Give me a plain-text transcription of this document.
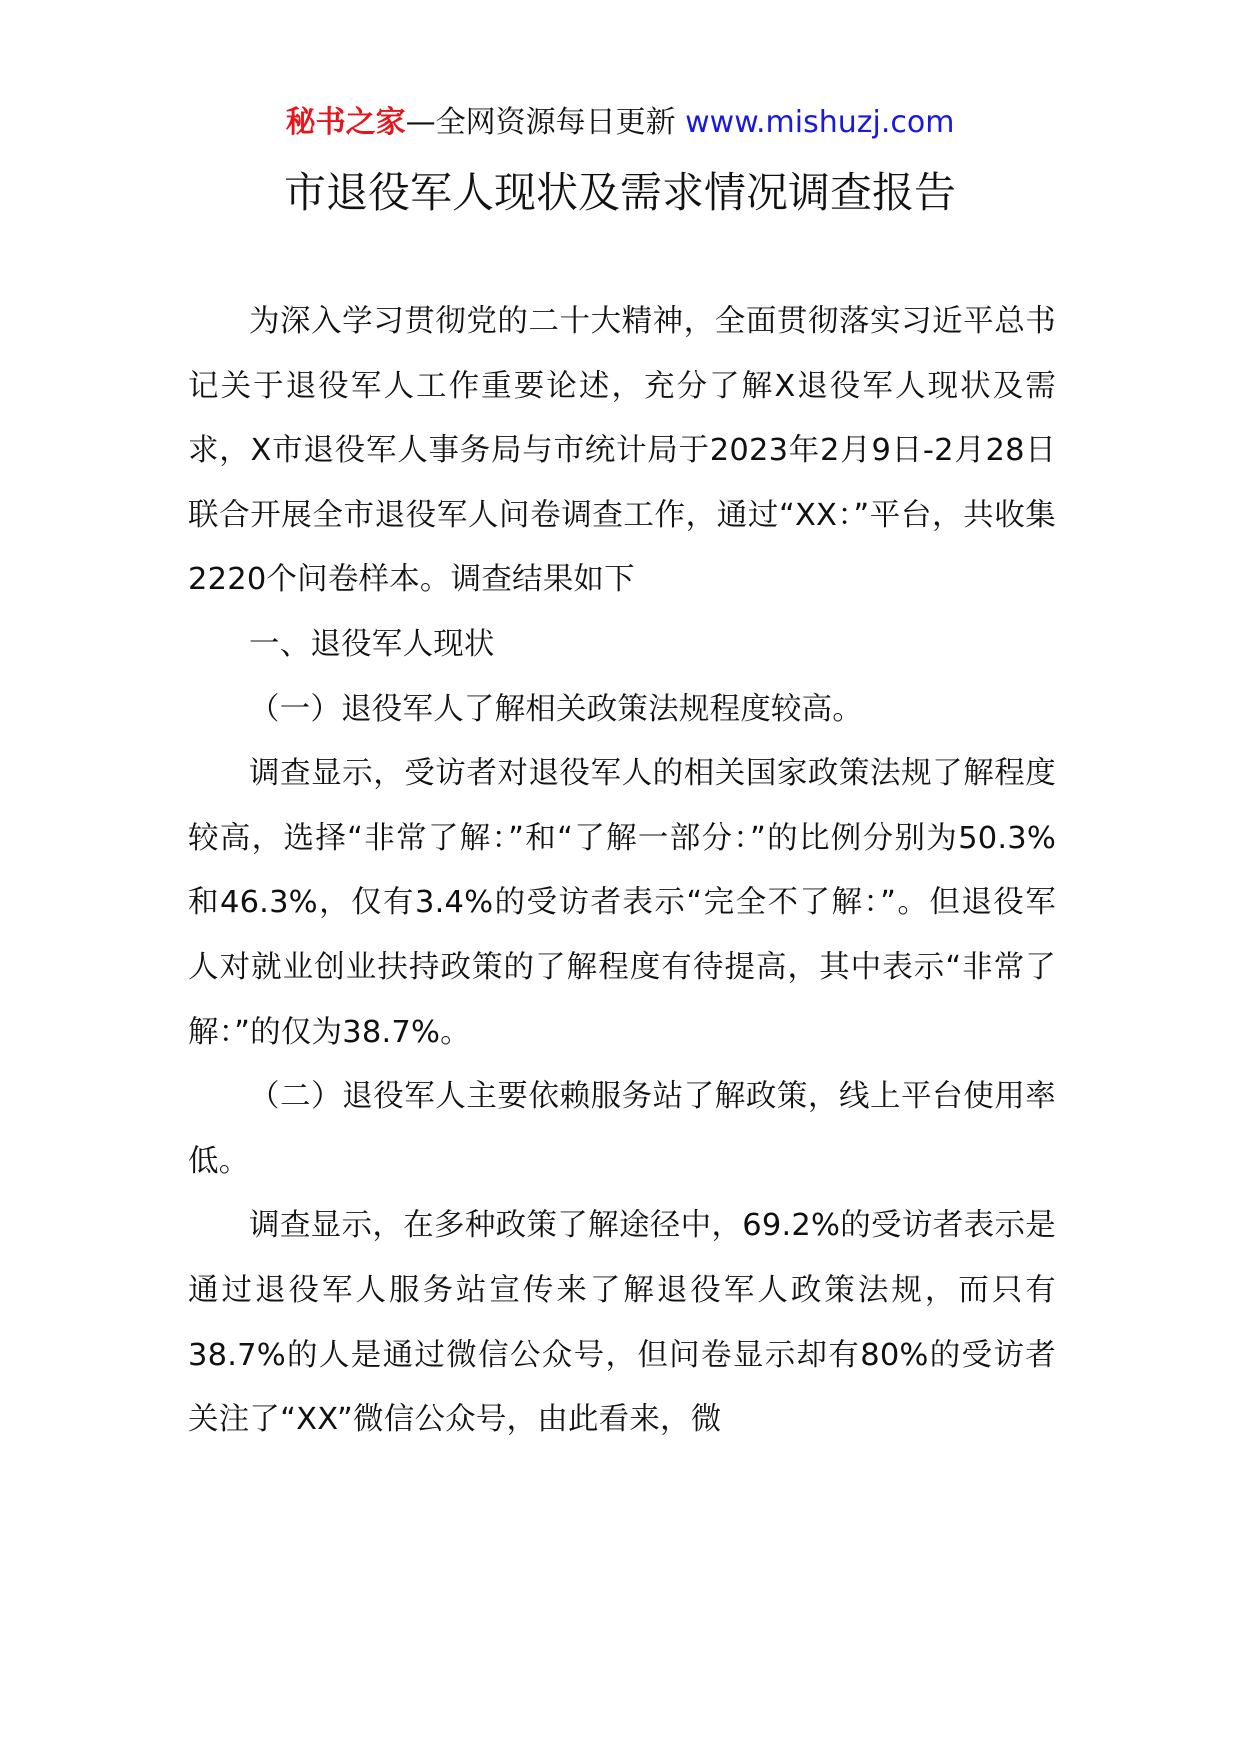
秘书之家—全网资源每日更新 www.mishuzj.com
市退役军人现状及需求情况调查报告

为深入学习贯彻党的二十大精神，全面贯彻落实习近平总书记关于退役军人工作重要论述，充分了解X退役军人现状及需求，X市退役军人事务局与市统计局于2023年2月9日-2月28日联合开展全市退役军人问卷调查工作，通过“XX：”平台，共收集2220个问卷样本。调查结果如下

一、退役军人现状

（一）退役军人了解相关政策法规程度较高。

调查显示，受访者对退役军人的相关国家政策法规了解程度较高，选择“非常了解：”和“了解一部分：”的比例分别为50.3%和46.3%，仅有3.4%的受访者表示“完全不了解：”。但退役军人对就业创业扶持政策的了解程度有待提高，其中表示“非常了解：”的仅为38.7%。

（二）退役军人主要依赖服务站了解政策，线上平台使用率低。

调查显示，在多种政策了解途径中，69.2%的受访者表示是通过退役军人服务站宣传来了解退役军人政策法规，而只有38.7%的人是通过微信公众号，但问卷显示却有80%的受访者关注了“XX”微信公众号，由此看来，微
